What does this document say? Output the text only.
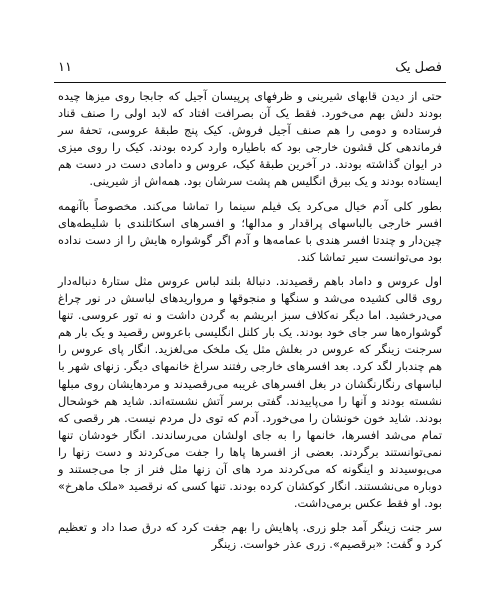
۱۱	فصل یک

حتی از دیدن قابهای شیرینی و ظرفهای پرپیسان آجیل که جابجا روی میزها چیده بودند دلش بهم می‌خورد. فقط یک آن بصرافت افتاد که لابد اولی را صنف قناد فرستاده و دومی را هم صنف آجیل فروش. کیک پنج طبقهٔ عروسی، تحفهٔ سر فرماندهی کل قشون خارجی بود که باطیاره وارد کرده بودند. کیک را روی میزی در ایوان گذاشته بودند. در آخرین طبقهٔ کیک، عروس و دامادی دست در دست هم ایستاده بودند و یک بیرق انگلیس هم پشت سرشان بود. همه‌اش از شیرینی.

بطور کلی آدم خیال می‌کرد یک فیلم سینما را تماشا می‌کند. مخصوصاً باآنهمه افسر خارجی بالباسهای پراقدار و مدالها؛ و افسرهای اسکاتلندی با شلیطه‌های چین‌دار و چندتا افسر هندی با عمامه‌ها و آدم اگر گوشواره هایش را از دست نداده بود می‌توانست سیر تماشا کند.

اول عروس و داماد باهم رقصیدند. دنبالهٔ بلند لباس عروس مثل ستارهٔ دنباله‌دار روی قالی کشیده می‌شد و سنگها و منجوقها و مرواریدهای لباسش در نور چراغ می‌درخشید. اما دیگر نه‌کلاف سبز ابریشم به گردن داشت و نه تور عروسی. تنها گوشواره‌ها سر جای خود بودند. یک بار کلنل انگلیسی باعروس رقصید و یک بار هم سرجنت زینگر که عروس در بغلش مثل یک ملخک می‌لغزید. انگار پای عروس را هم چندبار لگد کرد. بعد افسرهای خارجی رفتند سراغ خانمهای دیگر. زنهای شهر با لباسهای رنگارنگشان در بغل افسرهای غریبه می‌رقصیدند و مردهایشان روی مبلها نشسته بودند و آنها را می‌پاییدند. گفتی برسر آتش نشسته‌اند. شاید هم خوشحال بودند. شاید خون خونشان را می‌خورد. آدم که توی دل مردم نیست. هر رقصی که تمام می‌شد افسرها، خانمها را به جای اولشان می‌رساندند. انگار خودشان تنها نمی‌توانستند برگردند. بعضی از افسرها پاها را جفت می‌کردند و دست زنها را می‌بوسیدند و اینگونه که می‌کردند مرد های آن زنها مثل فنر از جا می‌جستند و دوباره می‌نشستند. انگار کوکشان کرده بودند. تنها کسی که نرقصید «ملک ماهرخ» بود. او فقط عکس برمی‌داشت.

سر جنت زینگر آمد جلو زری. پاهایش را بهم جفت کرد که درق صدا داد و تعظیم کرد و گفت: «برقصیم». زری عذر خواست. زینگر
